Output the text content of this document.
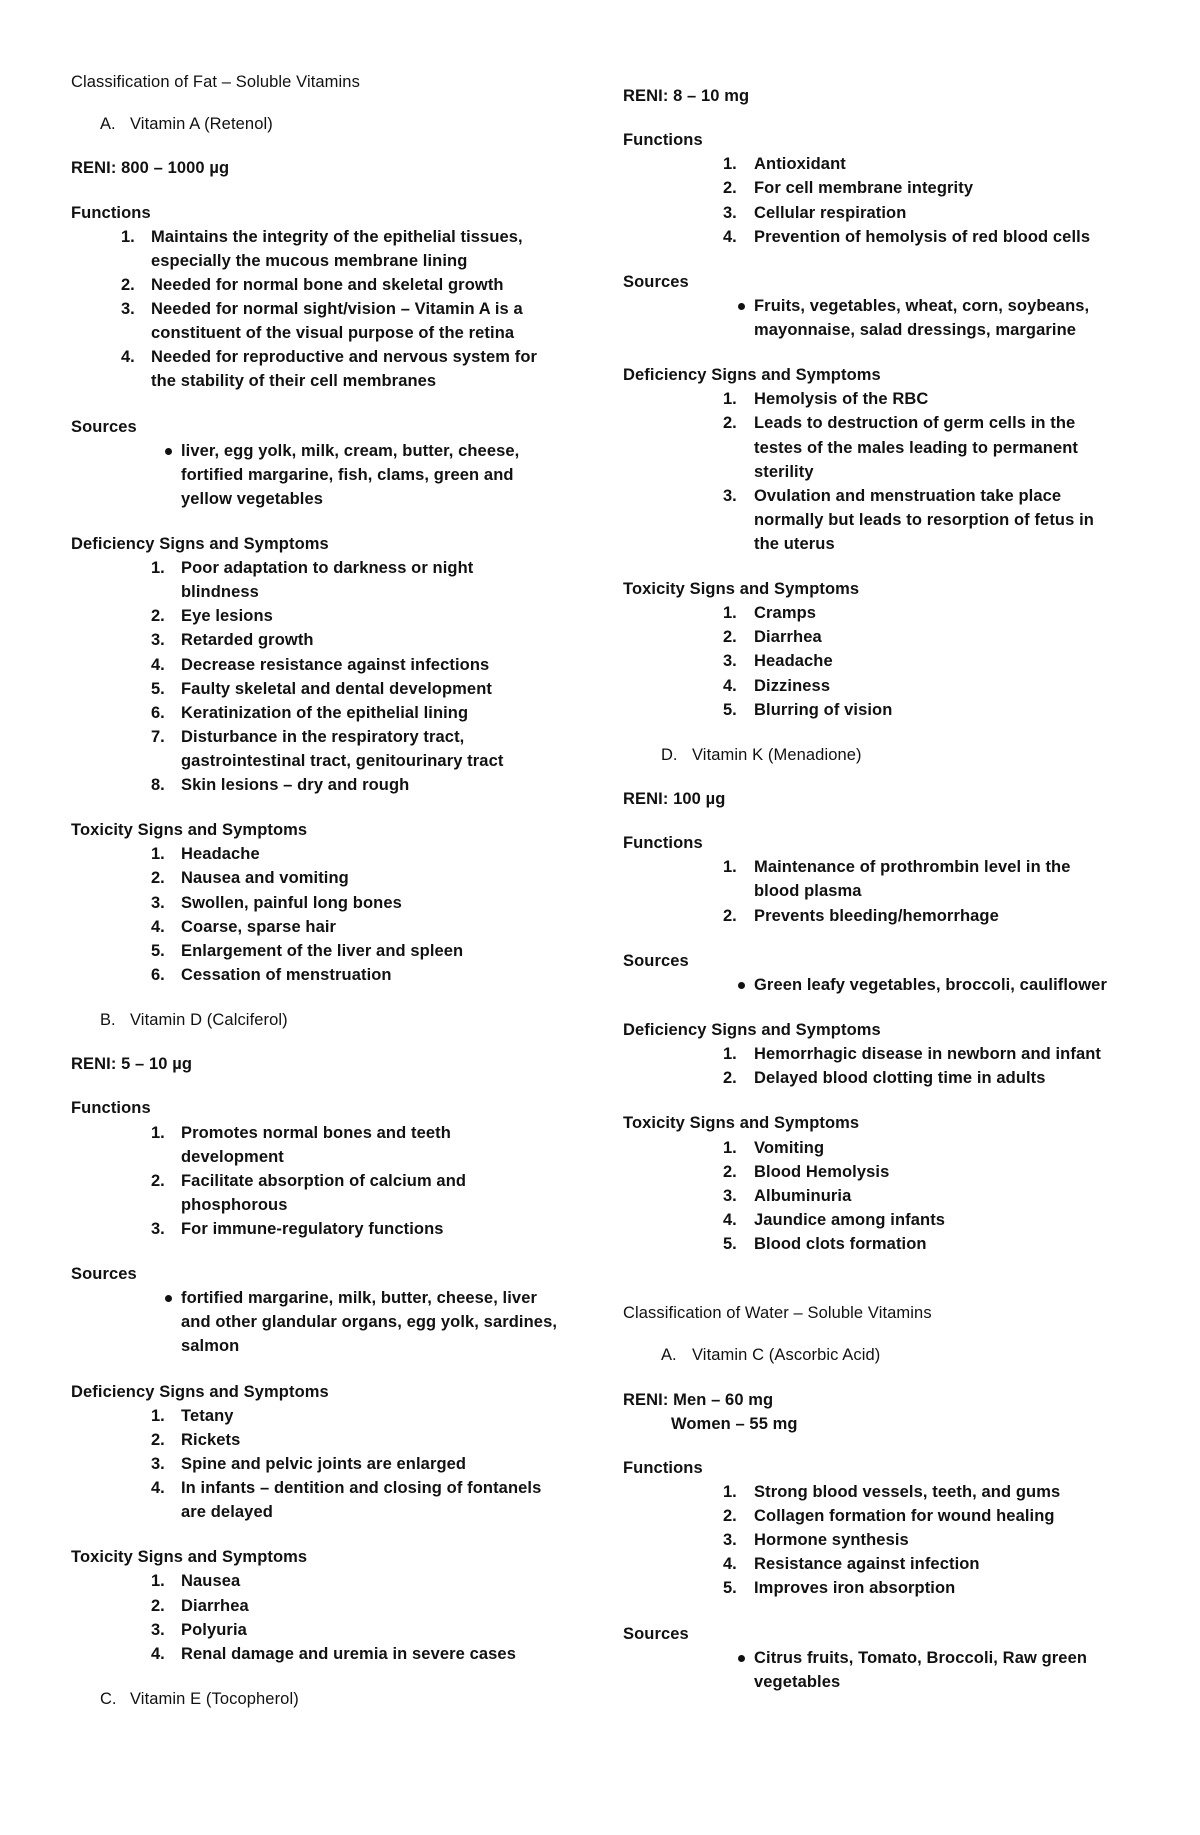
Classification of Fat – Soluble Vitamins
A. Vitamin A (Retenol)
RENI: 800 – 1000 µg
Functions
1. Maintains the integrity of the epithelial tissues,
especially the mucous membrane lining
2. Needed for normal bone and skeletal growth
3. Needed for normal sight/vision – Vitamin A is a
constituent of the visual purpose of the retina
4. Needed for reproductive and nervous system for
the stability of their cell membranes
Sources
liver, egg yolk, milk, cream, butter, cheese,
fortified margarine, fish, clams, green and
yellow vegetables
Deficiency Signs and Symptoms
1. Poor adaptation to darkness or night
blindness
2. Eye lesions
3. Retarded growth
4. Decrease resistance against infections
5. Faulty skeletal and dental development
6. Keratinization of the epithelial lining
7. Disturbance in the respiratory tract,
gastrointestinal tract, genitourinary tract
8. Skin lesions – dry and rough
Toxicity Signs and Symptoms
1. Headache
2. Nausea and vomiting
3. Swollen, painful long bones
4. Coarse, sparse hair
5. Enlargement of the liver and spleen
6. Cessation of menstruation
B. Vitamin D (Calciferol)
RENI: 5 – 10 µg
Functions
1. Promotes normal bones and teeth
development
2. Facilitate absorption of calcium and
phosphorous
3. For immune-regulatory functions
Sources
fortified margarine, milk, butter, cheese, liver
and other glandular organs, egg yolk, sardines,
salmon
Deficiency Signs and Symptoms
1. Tetany
2. Rickets
3. Spine and pelvic joints are enlarged
4. In infants – dentition and closing of fontanels
are delayed
Toxicity Signs and Symptoms
1. Nausea
2. Diarrhea
3. Polyuria
4. Renal damage and uremia in severe cases
C. Vitamin E (Tocopherol)
RENI: 8 – 10 mg
Functions
1. Antioxidant
2. For cell membrane integrity
3. Cellular respiration
4. Prevention of hemolysis of red blood cells
Sources
Fruits, vegetables, wheat, corn, soybeans,
mayonnaise, salad dressings, margarine
Deficiency Signs and Symptoms
1. Hemolysis of the RBC
2. Leads to destruction of germ cells in the
testes of the males leading to permanent
sterility
3. Ovulation and menstruation take place
normally but leads to resorption of fetus in
the uterus
Toxicity Signs and Symptoms
1. Cramps
2. Diarrhea
3. Headache
4. Dizziness
5. Blurring of vision
D. Vitamin K (Menadione)
RENI: 100 µg
Functions
1. Maintenance of prothrombin level in the
blood plasma
2. Prevents bleeding/hemorrhage
Sources
Green leafy vegetables, broccoli, cauliflower
Deficiency Signs and Symptoms
1. Hemorrhagic disease in newborn and infant
2. Delayed blood clotting time in adults
Toxicity Signs and Symptoms
1. Vomiting
2. Blood Hemolysis
3. Albuminuria
4. Jaundice among infants
5. Blood clots formation
Classification of Water – Soluble Vitamins
A. Vitamin C (Ascorbic Acid)
RENI: Men – 60 mg
Women – 55 mg
Functions
1. Strong blood vessels, teeth, and gums
2. Collagen formation for wound healing
3. Hormone synthesis
4. Resistance against infection
5. Improves iron absorption
Sources
Citrus fruits, Tomato, Broccoli, Raw green
vegetables
